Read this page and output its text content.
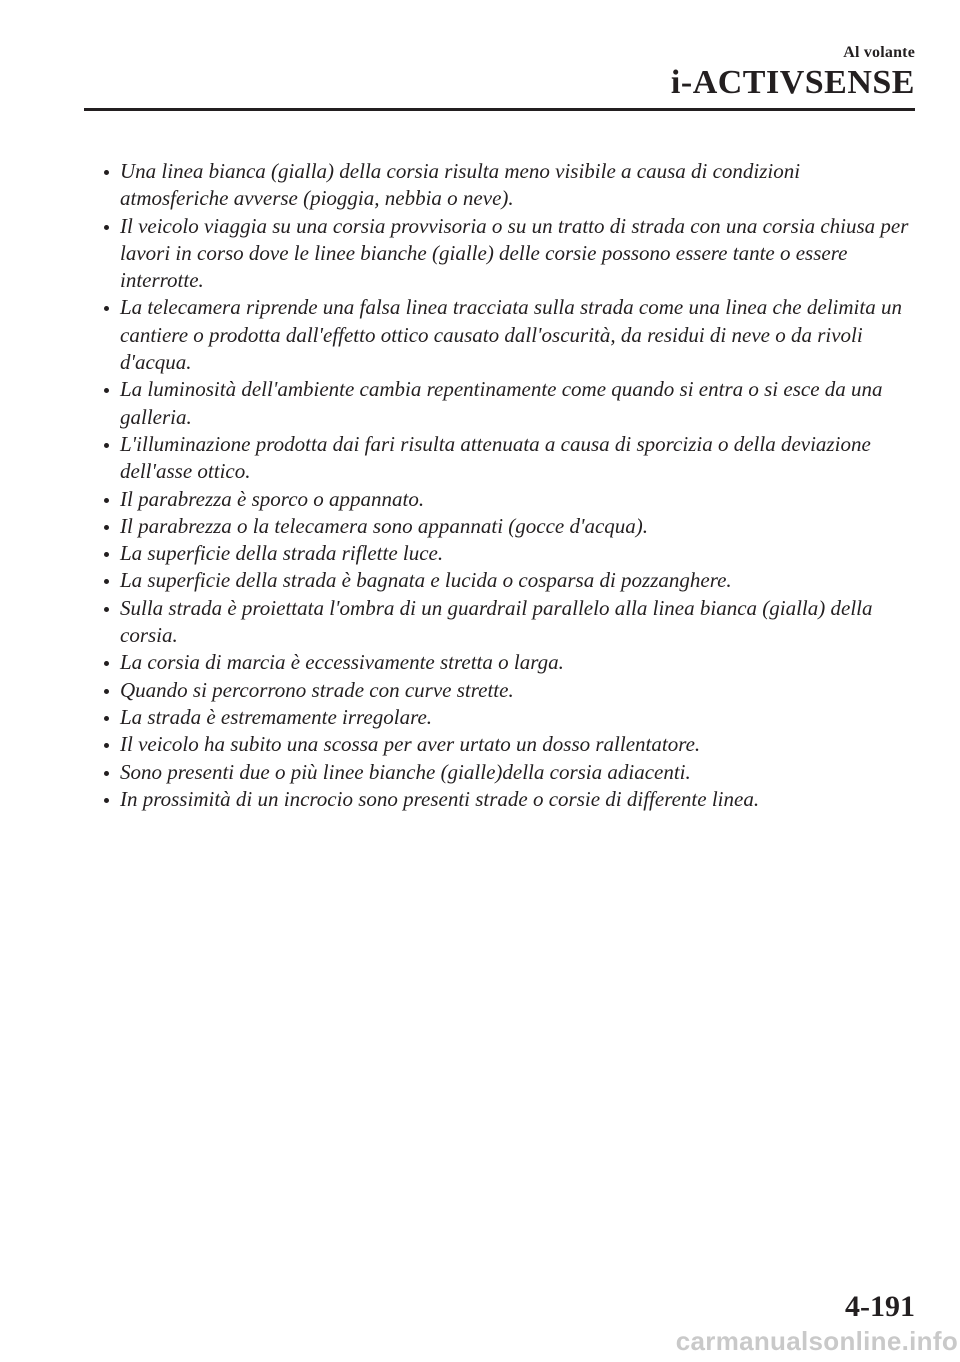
Al volante
i-ACTIVSENSE
Una linea bianca (gialla) della corsia risulta meno visibile a causa di condizioni atmosferiche avverse (pioggia, nebbia o neve).
Il veicolo viaggia su una corsia provvisoria o su un tratto di strada con una corsia chiusa per lavori in corso dove le linee bianche (gialle) delle corsie possono essere tante o essere interrotte.
La telecamera riprende una falsa linea tracciata sulla strada come una linea che delimita un cantiere o prodotta dall'effetto ottico causato dall'oscurità, da residui di neve o da rivoli d'acqua.
La luminosità dell'ambiente cambia repentinamente come quando si entra o si esce da una galleria.
L'illuminazione prodotta dai fari risulta attenuata a causa di sporcizia o della deviazione dell'asse ottico.
Il parabrezza è sporco o appannato.
Il parabrezza o la telecamera sono appannati (gocce d'acqua).
La superficie della strada riflette luce.
La superficie della strada è bagnata e lucida o cosparsa di pozzanghere.
Sulla strada è proiettata l'ombra di un guardrail parallelo alla linea bianca (gialla) della corsia.
La corsia di marcia è eccessivamente stretta o larga.
Quando si percorrono strade con curve strette.
La strada è estremamente irregolare.
Il veicolo ha subito una scossa per aver urtato un dosso rallentatore.
Sono presenti due o più linee bianche (gialle)della corsia adiacenti.
In prossimità di un incrocio sono presenti strade o corsie di differente linea.
4-191
carmanualsonline.info
